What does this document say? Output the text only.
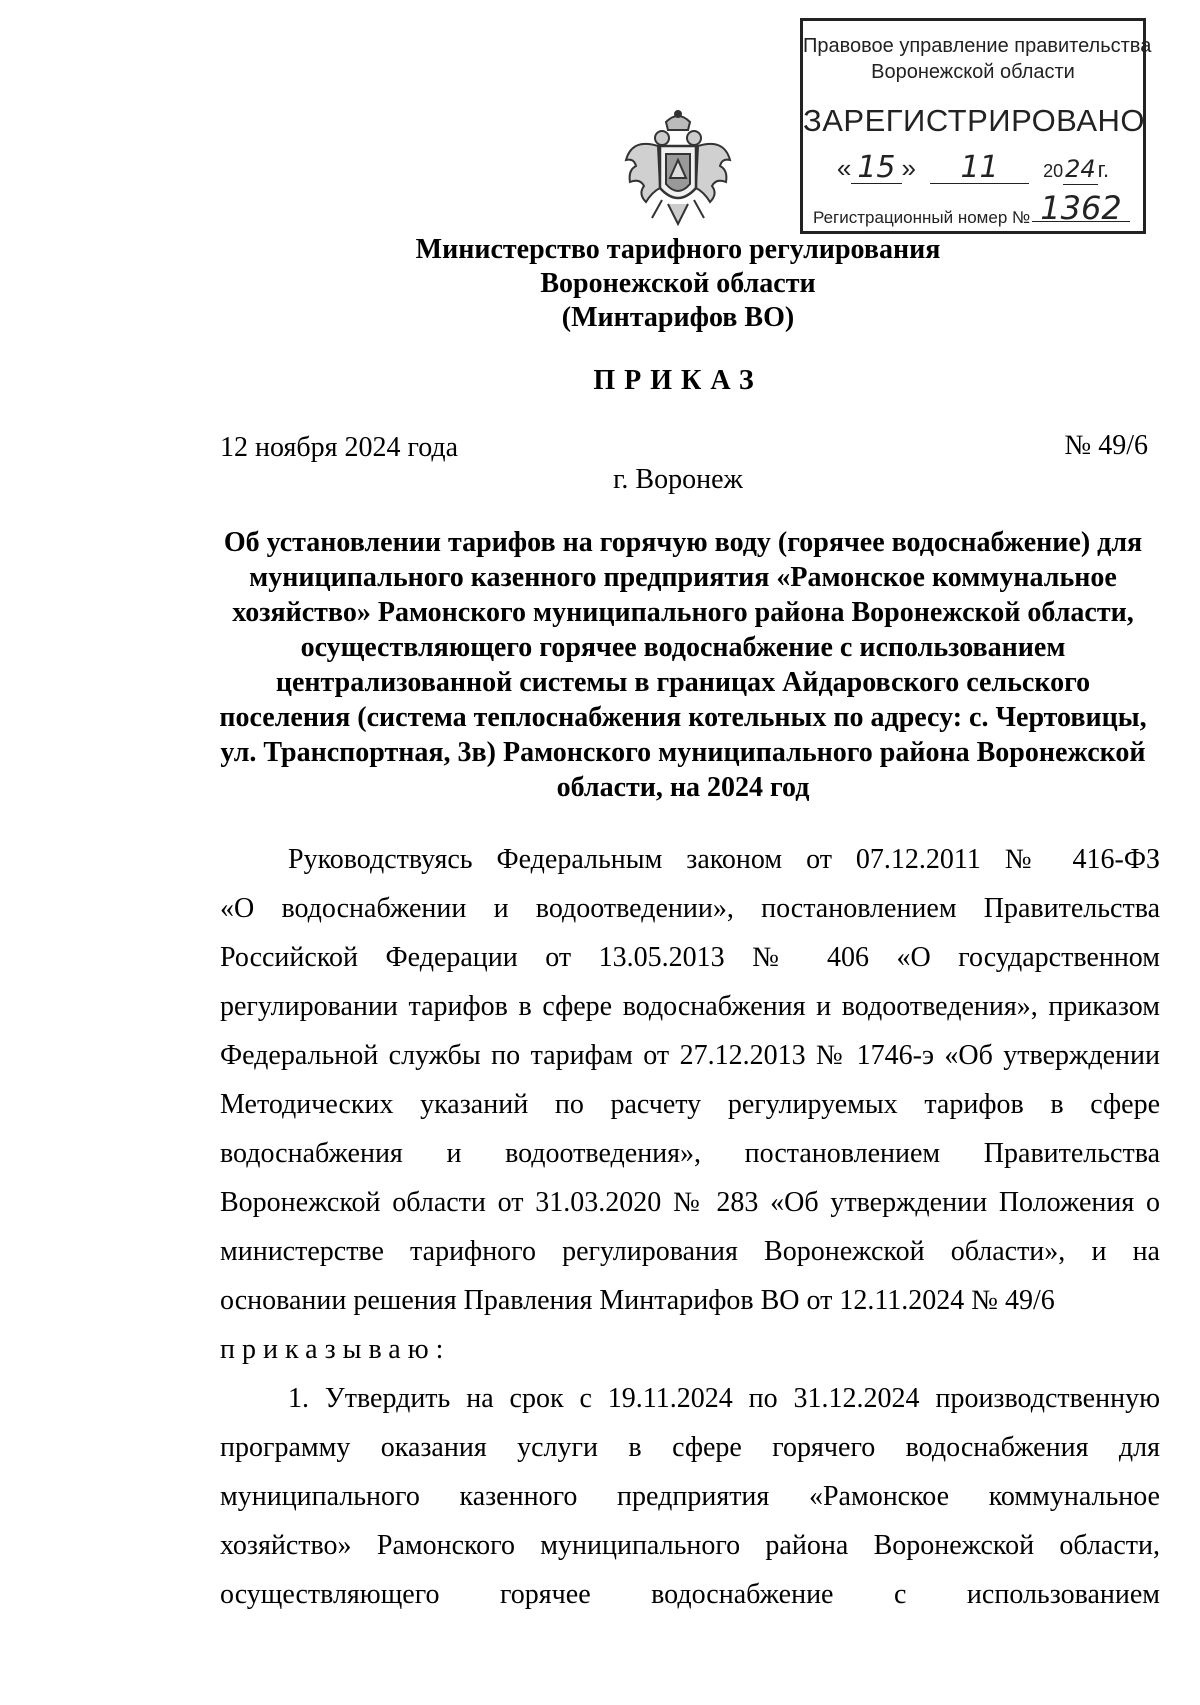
Правовое управление правительства
Воронежской области
ЗАРЕГИСТРИРОВАНО
« 15 » 11 2024г.
Регистрационный номер № 1362
Министерство тарифного регулирования
Воронежской области
(Минтарифов ВО)
ПРИКАЗ
12 ноября 2024 года	№ 49/6
г. Воронеж
Об установлении тарифов на горячую воду (горячее водоснабжение) для
муниципального казенного предприятия «Рамонское коммунальное
хозяйство» Рамонского муниципального района Воронежской области,
осуществляющего горячее водоснабжение с использованием
централизованной системы в границах Айдаровского сельского
поселения (система теплоснабжения котельных по адресу: с. Чертовицы,
ул. Транспортная, 3в) Рамонского муниципального района Воронежской
области, на 2024 год
Руководствуясь Федеральным законом от 07.12.2011 № 416-ФЗ
«О водоснабжении и водоотведении», постановлением Правительства
Российской Федерации от 13.05.2013 № 406 «О государственном
регулировании тарифов в сфере водоснабжения и водоотведения», приказом
Федеральной службы по тарифам от 27.12.2013 № 1746-э «Об утверждении
Методических указаний по расчету регулируемых тарифов в сфере
водоснабжения и водоотведения», постановлением Правительства
Воронежской области от 31.03.2020 № 283 «Об утверждении Положения о
министерстве тарифного регулирования Воронежской области», и на
основании решения Правления Минтарифов ВО от 12.11.2024 № 49/6
приказываю:
1. Утвердить на срок с 19.11.2024 по 31.12.2024 производственную
программу оказания услуги в сфере горячего водоснабжения для
муниципального казенного предприятия «Рамонское коммунальное
хозяйство» Рамонского муниципального района Воронежской области,
осуществляющего горячее водоснабжение с использованием
